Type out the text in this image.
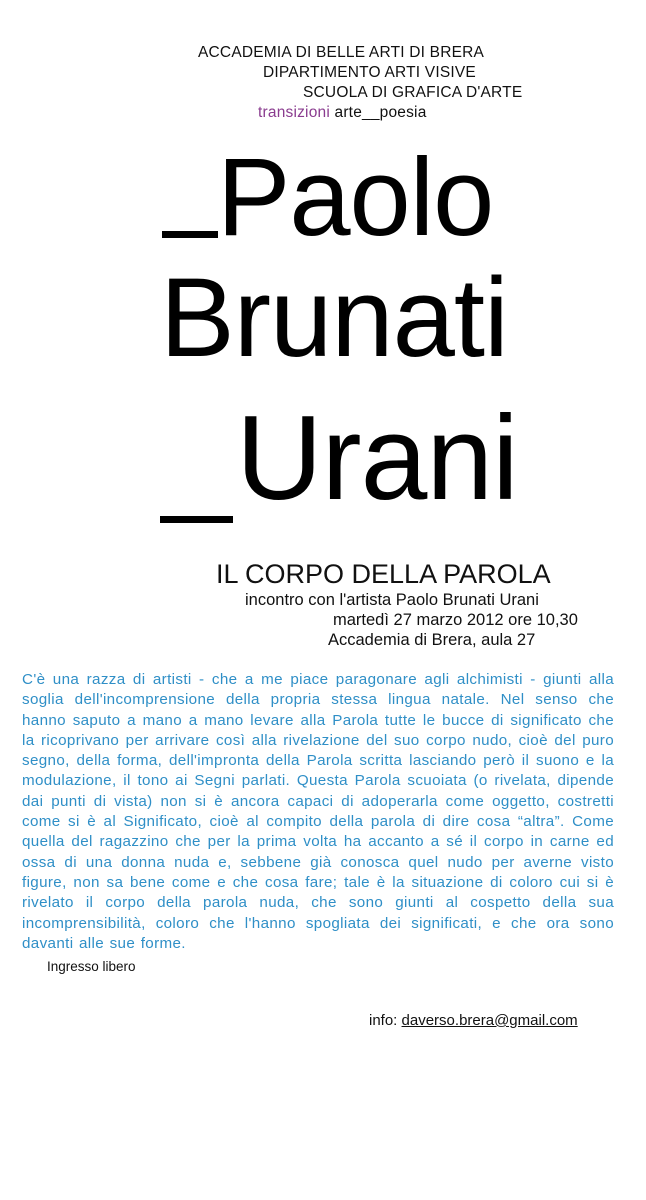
ACCADEMIA DI BELLE ARTI DI BRERA
DIPARTIMENTO ARTI VISIVE
SCUOLA DI GRAFICA D'ARTE
transizioni arte__poesia
Paolo
Brunati
Urani
IL CORPO DELLA PAROLA
incontro con l'artista Paolo Brunati Urani
martedì 27 marzo 2012 ore 10,30
Accademia di Brera, aula 27
C'è una razza di artisti - che a me piace paragonare agli alchimisti - giunti alla soglia dell'incomprensione della propria stessa lingua natale. Nel senso che hanno saputo a mano a mano levare alla Parola tutte le bucce di significato che la ricoprivano per arrivare così alla rivelazione del suo corpo nudo, cioè del puro segno, della forma, dell'impronta della Parola scritta lasciando però il suono e la modulazione, il tono ai Segni parlati. Questa Parola scuoiata (o rivelata, dipende dai punti di vista) non si è ancora capaci di adoperarla come oggetto, costretti come si è al Significato, cioè al compito della parola di dire cosa “altra”. Come quella del ragazzino che per la prima volta ha accanto a sé il corpo in carne ed ossa di una donna nuda e, sebbene già conosca quel nudo per averne visto figure, non sa bene come e che cosa fare; tale è la situazione di coloro cui si è rivelato il corpo della parola nuda, che sono giunti al cospetto della sua incomprensibilità, coloro che l'hanno spogliata dei significati, e che ora sono davanti alle sue forme.
Ingresso libero
info: daverso.brera@gmail.com
